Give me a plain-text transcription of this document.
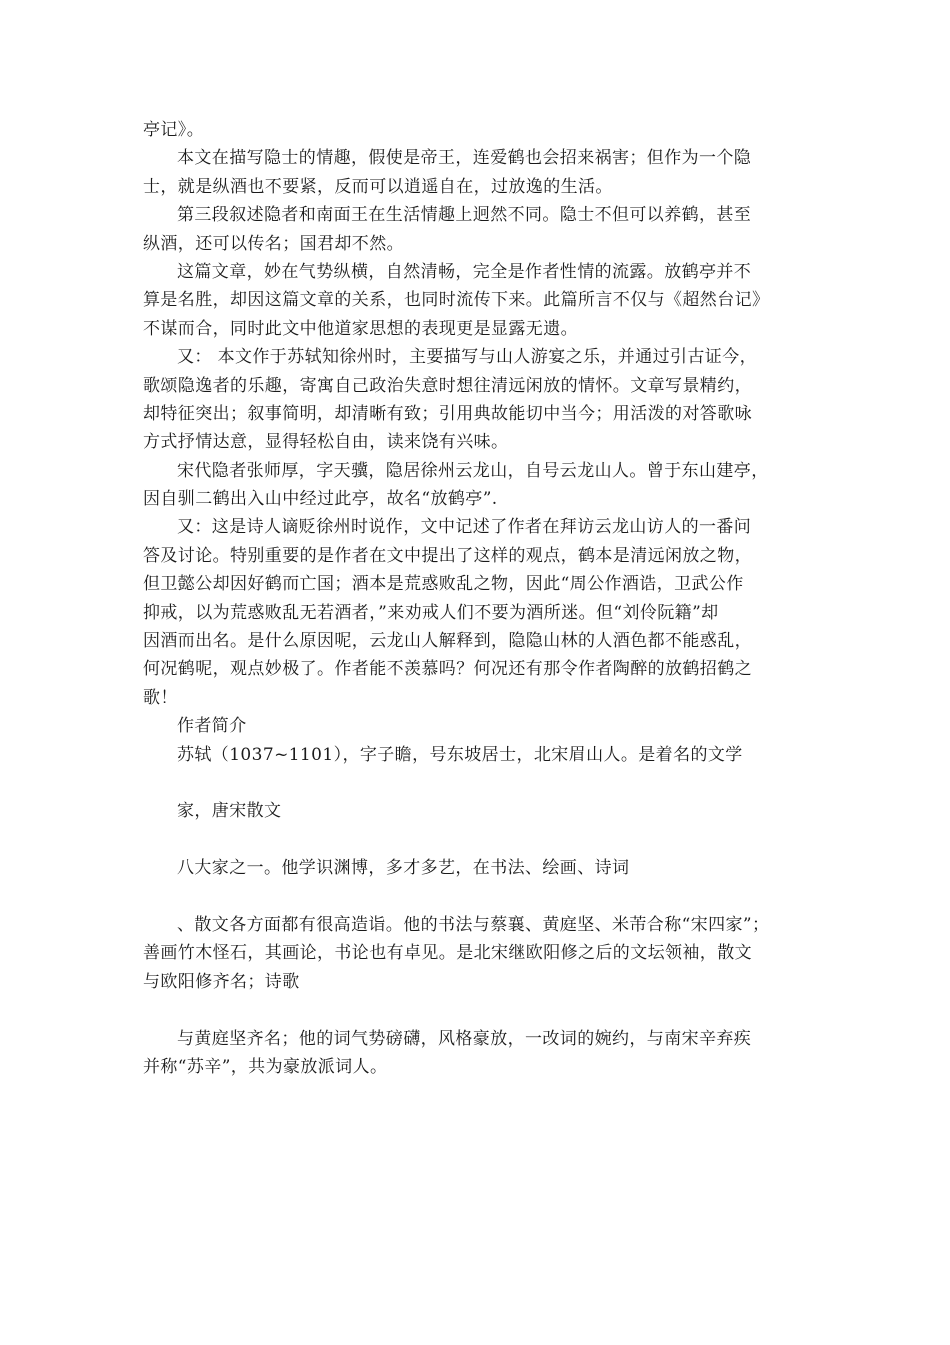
亭记》。
本文在描写隐士的情趣，假使是帝王，连爱鹤也会招来祸害；但作为一个隐
士，就是纵酒也不要紧，反而可以逍遥自在，过放逸的生活。
第三段叙述隐者和南面王在生活情趣上迥然不同。隐士不但可以养鹤，甚至
纵酒，还可以传名；国君却不然。
这篇文章，妙在气势纵横，自然清畅，完全是作者性情的流露。放鹤亭并不
算是名胜，却因这篇文章的关系，也同时流传下来。此篇所言不仅与《超然台记》
不谋而合，同时此文中他道家思想的表现更是显露无遗。
又： 本文作于苏轼知徐州时，主要描写与山人游宴之乐，并通过引古证今，
歌颂隐逸者的乐趣，寄寓自己政治失意时想往清远闲放的情怀。文章写景精约，
却特征突出；叙事简明，却清晰有致；引用典故能切中当今；用活泼的对答歌咏
方式抒情达意，显得轻松自由，读来饶有兴味。
宋代隐者张师厚，字天骥，隐居徐州云龙山，自号云龙山人。曾于东山建亭，
因自驯二鹤出入山中经过此亭，故名“放鹤亭”.
又：这是诗人谪贬徐州时说作，文中记述了作者在拜访云龙山访人的一番问
答及讨论。特别重要的是作者在文中提出了这样的观点，鹤本是清远闲放之物，
但卫懿公却因好鹤而亡国；酒本是荒惑败乱之物，因此“周公作酒诰，卫武公作
抑戒，以为荒惑败乱无若酒者，”来劝戒人们不要为酒所迷。但“刘伶阮籍”却
因酒而出名。是什么原因呢，云龙山人解释到，隐隐山林的人酒色都不能惑乱，
何况鹤呢，观点妙极了。作者能不羡慕吗？何况还有那令作者陶醉的放鹤招鹤之
歌！
作者简介
苏轼（1037~1101），字子瞻，号东坡居士，北宋眉山人。是着名的文学
家，唐宋散文
八大家之一。他学识渊博，多才多艺，在书法、绘画、诗词
、散文各方面都有很高造诣。他的书法与蔡襄、黄庭坚、米芾合称“宋四家”；
善画竹木怪石，其画论，书论也有卓见。是北宋继欧阳修之后的文坛领袖，散文
与欧阳修齐名；诗歌
与黄庭坚齐名；他的词气势磅礴，风格豪放，一改词的婉约，与南宋辛弃疾
并称“苏辛”，共为豪放派词人。
